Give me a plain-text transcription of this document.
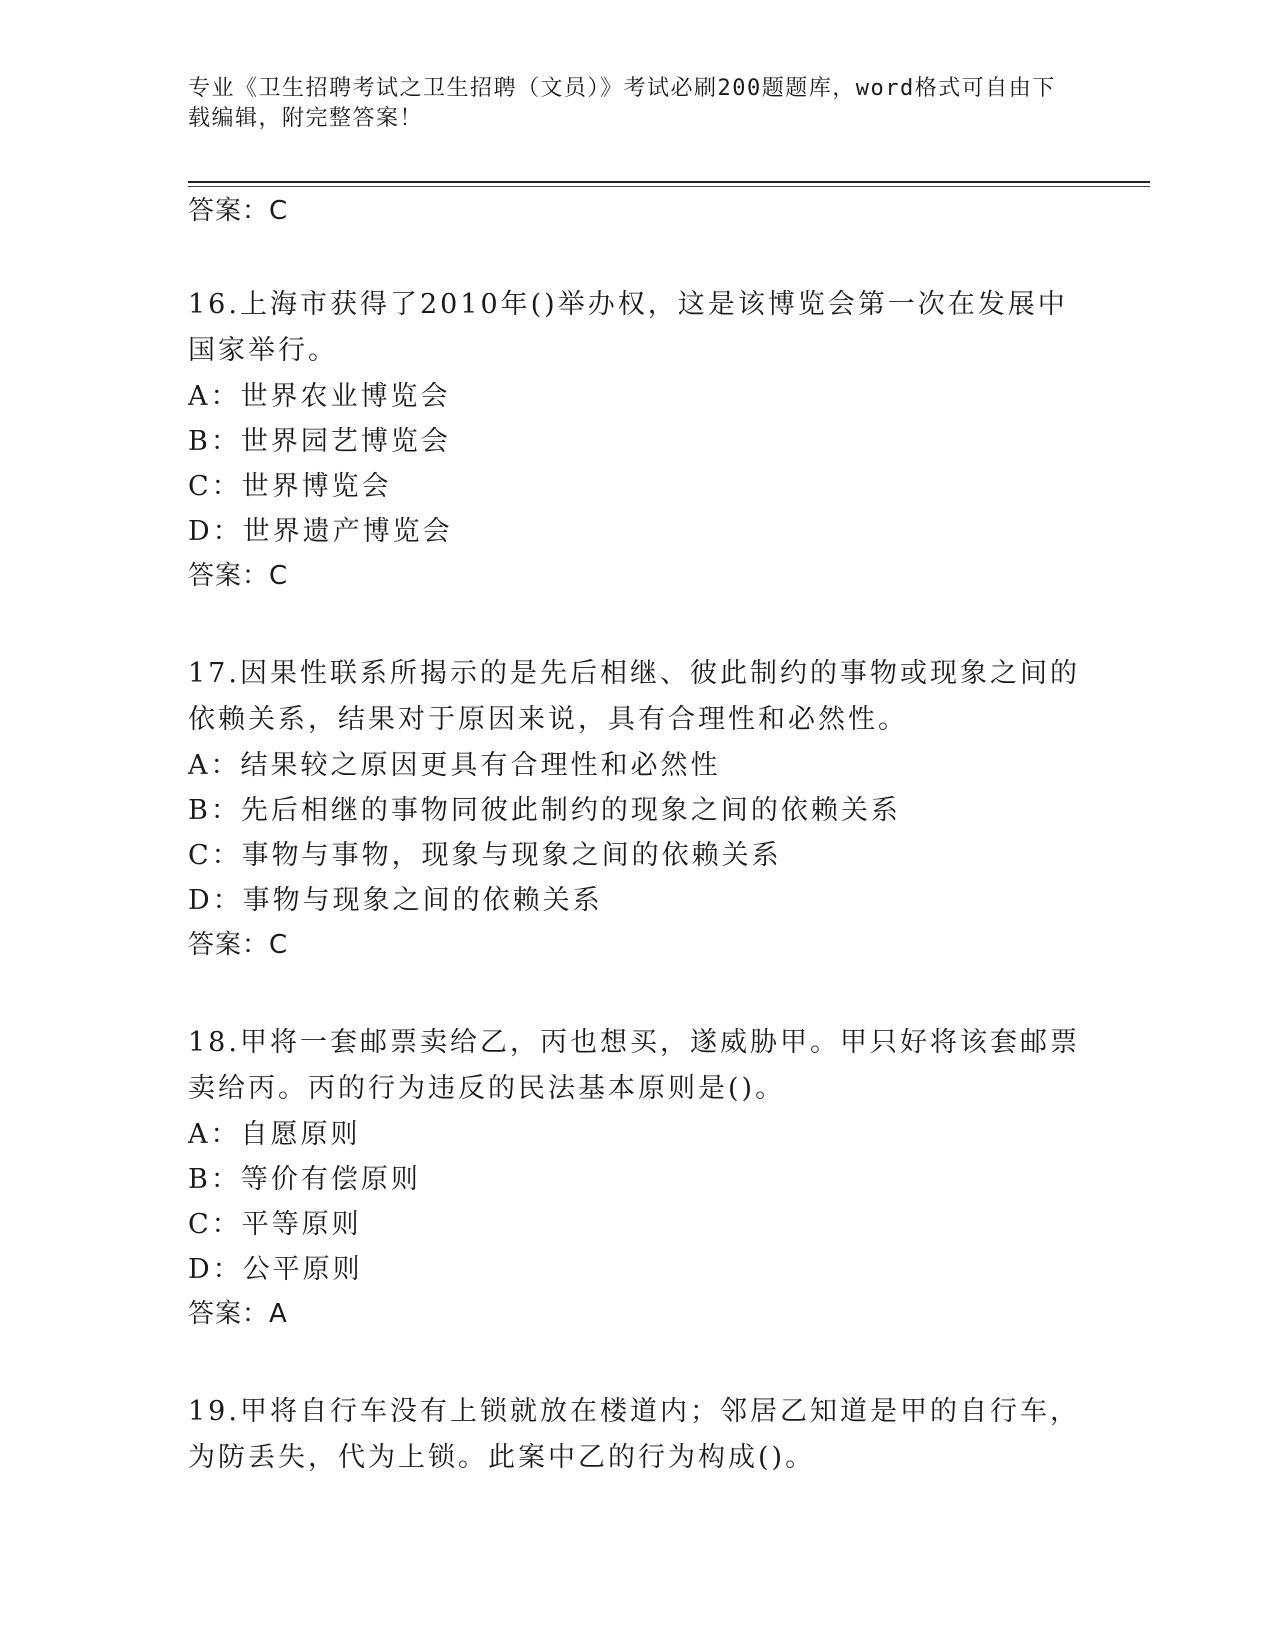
专业《卫生招聘考试之卫生招聘（文员）》考试必刷200题题库，word格式可自由下载编辑，附完整答案！

答案：C

16.上海市获得了2010年()举办权，这是该博览会第一次在发展中国家举行。

A：世界农业博览会

B：世界园艺博览会

C：世界博览会

D：世界遗产博览会

答案：C

17.因果性联系所揭示的是先后相继、彼此制约的事物或现象之间的依赖关系，结果对于原因来说，具有合理性和必然性。

A：结果较之原因更具有合理性和必然性

B：先后相继的事物同彼此制约的现象之间的依赖关系

C：事物与事物，现象与现象之间的依赖关系

D：事物与现象之间的依赖关系

答案：C

18.甲将一套邮票卖给乙，丙也想买，遂威胁甲。甲只好将该套邮票卖给丙。丙的行为违反的民法基本原则是()。

A：自愿原则

B：等价有偿原则

C：平等原则

D：公平原则

答案：A

19.甲将自行车没有上锁就放在楼道内；邻居乙知道是甲的自行车，为防丢失，代为上锁。此案中乙的行为构成()。
